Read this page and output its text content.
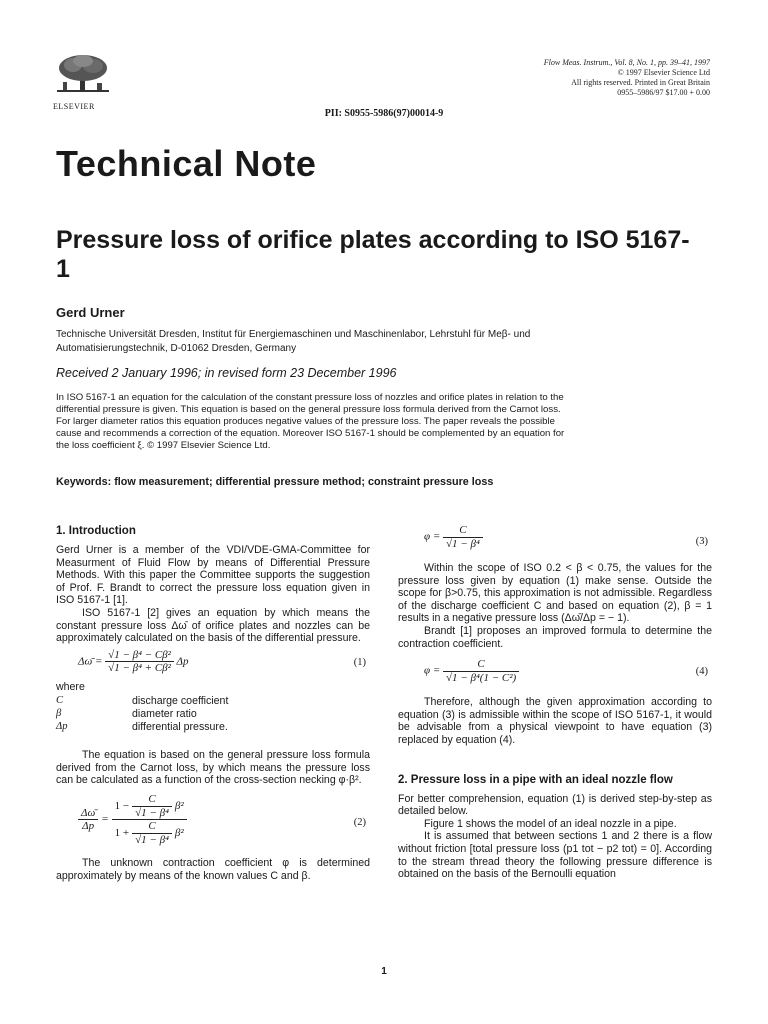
ELSEVIER
Flow Meas. Instrum., Vol. 8, No. 1, pp. 39–41, 1997
© 1997 Elsevier Science Ltd
All rights reserved. Printed in Great Britain
0955–5986/97 $17.00 + 0.00
PII: S0955-5986(97)00014-9
Technical Note
Pressure loss of orifice plates according to ISO 5167-1
Gerd Urner
Technische Universität Dresden, Institut für Energiemaschinen und Maschinenlabor, Lehrstuhl für Meβ- und Automatisierungstechnik, D-01062 Dresden, Germany
Received 2 January 1996; in revised form 23 December 1996
In ISO 5167-1 an equation for the calculation of the constant pressure loss of nozzles and orifice plates in relation to the differential pressure is given. This equation is based on the general pressure loss formula derived from the Carnot loss. For larger diameter ratios this equation produces negative values of the pressure loss. The paper reveals the possible cause and recommends a correction of the equation. Moreover ISO 5167-1 should be complemented by an equation for the loss coefficient ξ. © 1997 Elsevier Science Ltd.
Keywords: flow measurement; differential pressure method; constraint pressure loss
1. Introduction

Gerd Urner is a member of the VDI/VDE-GMA-Committee for Measurment of Fluid Flow by means of Differential Pressure Methods. With this paper the Committee supports the suggestion of Prof. F. Brandt to correct the pressure loss equation given in ISO 5167-1 [1].

ISO 5167-1 [2] gives an equation by which means the constant pressure loss Δω̄ of orifice plates and nozzles can be approximately calculated on the basis of the differential pressure.

Δω̄ = $\frac{\text{√1 − β⁴ − Cβ²}}{\text{√1 − β⁴ + Cβ²}}$ Δp	(1)

where

C	discharge coefficient
β	diameter ratio
Δp	differential pressure.

The equation is based on the general pressure loss formula derived from the Carnot loss, by which means the pressure loss can be calculated as a function of the cross-section necking φ·β².

$\frac{\Delta\omegā}{\Delta p}$ =
$1 - \frac{C}{\text{√1 − β⁴}} \beta^2$
$1 + \frac{C}{\text{√1 − β⁴}} \beta^2$
(2)

The unknown contraction coefficient φ is determined approximately by means of the known values C and β.

$\varphi = \frac{C}{\text{√1 − β⁴}}$	(3)

Within the scope of ISO 0.2 < β < 0.75, the values for the pressure loss given by equation (1) make sense. Outside the scope for β>0.75, this approximation is not admissible. Regardless of the discharge coefficient C and based on equation (2), β = 1 results in a negative pressure loss (Δω̄/Δp = − 1).

Brandt [1] proposes an improved formula to determine the contraction coefficient.

$\varphi = \frac{C}{\text{√1 − β⁴(1 − C²)}}$	(4)

Therefore, although the given approximation according to equation (3) is admissible within the scope of ISO 5167-1, it would be advisable from a physical viewpoint to have equation (3) replaced by equation (4).

2. Pressure loss in a pipe with an ideal nozzle flow

For better comprehension, equation (1) is derived step-by-step as detailed below.

Figure 1 shows the model of an ideal nozzle in a pipe.

It is assumed that between sections 1 and 2 there is a flow without friction [total pressure loss (p1 tot − p2 tot) = 0]. According to the stream thread theory the following pressure difference is obtained on the basis of the Bernoulli equation

1
